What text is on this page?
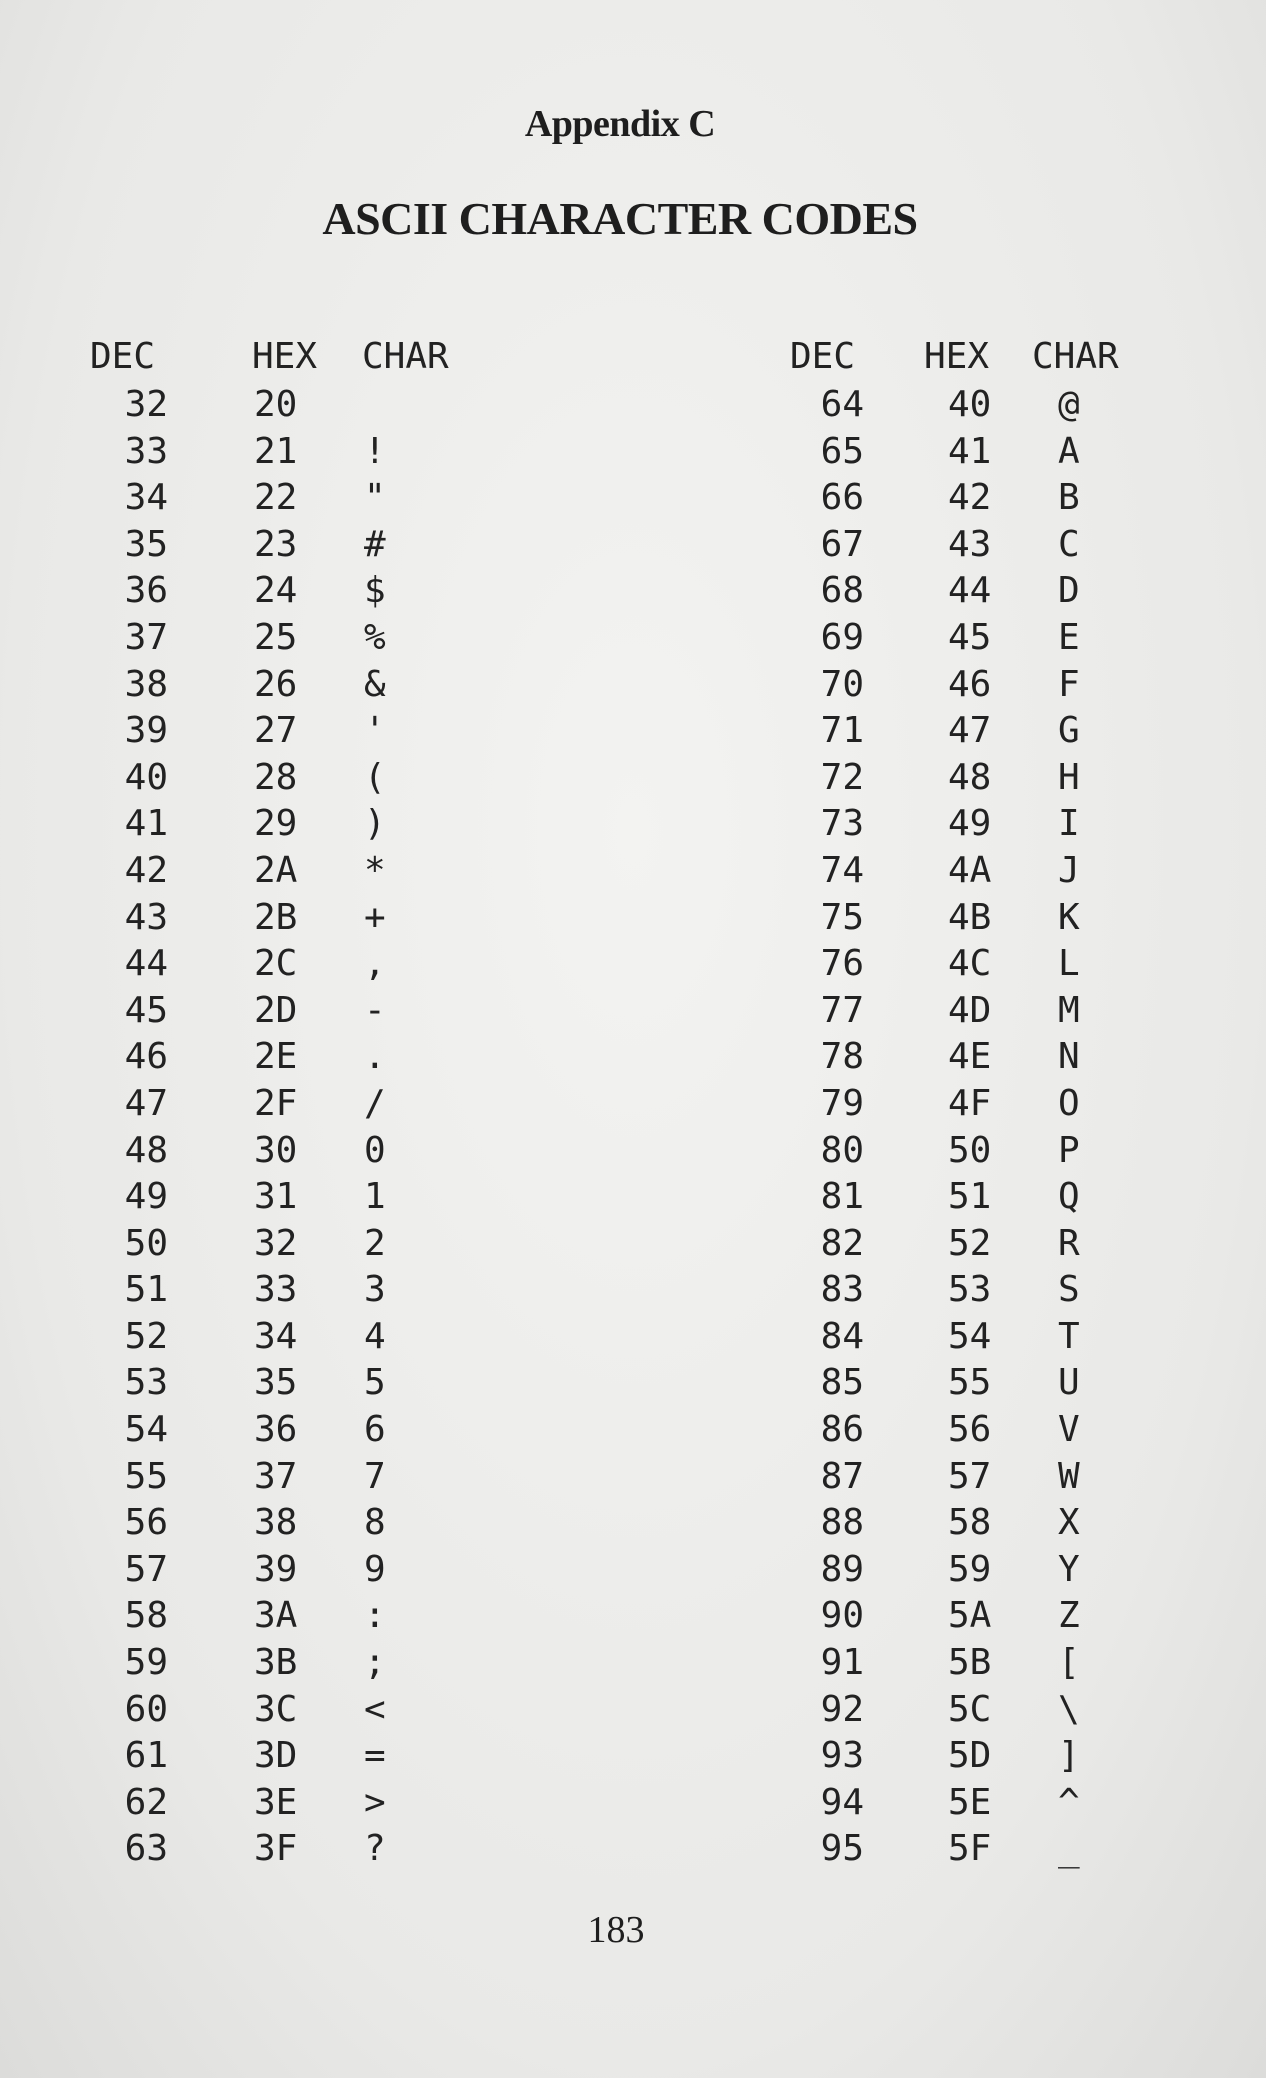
Appendix C
ASCII CHARACTER CODES
DEC	HEX CHAR	DEC HEX CHAR
32
33
34
35
36
37
38
39
40
41
42
43
44
45
46
47
48
49
50
51
52
53
54
55
56
57
58
59
60
61
62
63
20
21
22
23
24
25
26
27
28
29
2A
2B
2C
2D
2E
2F
30
31
32
33
34
35
36
37
38
39
3A
3B
3C
3D
3E
3F
!
"
#
$
%
&
'
(
)
*
+
,
-
.
/
0
1
2
3
4
5
6
7
8
9
:
;
<
=
>
?
64
65
66
67
68
69
70
71
72
73
74
75
76
77
78
79
80
81
82
83
84
85
86
87
88
89
90
91
92
93
94
95
40
41
42
43
44
45
46
47
48
49
4A
4B
4C
4D
4E
4F
50
51
52
53
54
55
56
57
58
59
5A
5B
5C
5D
5E
5F
@
A
B
C
D
E
F
G
H
I
J
K
L
M
N
O
P
Q
R
S
T
U
V
W
X
Y
Z
[
\
]
^
_
183
